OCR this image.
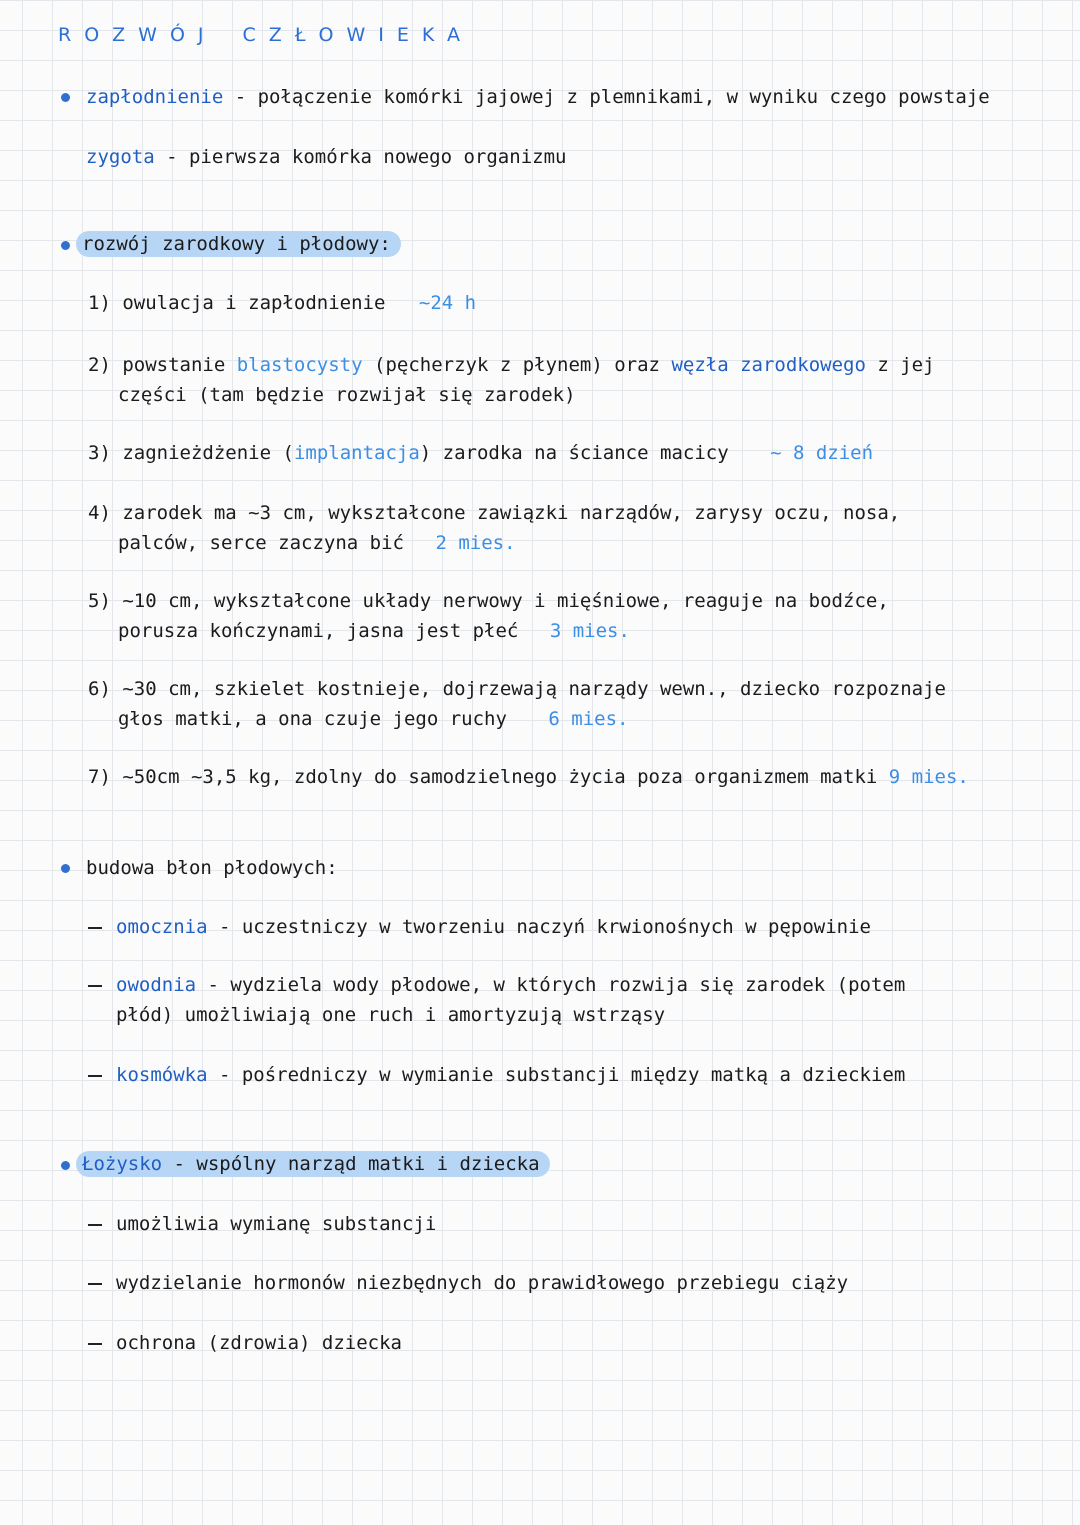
ROZWÓJ CZŁOWIEKA
zapłodnienie - połączenie komórki jajowej z plemnikami, w wyniku czego powstaje
zygota - pierwsza komórka nowego organizmu
rozwój zarodkowy i płodowy:
1) owulacja i zapłodnienie ~24 h
2) powstanie blastocysty (pęcherzyk z płynem) oraz węzła zarodkowego z jej
części (tam będzie rozwijał się zarodek)
3) zagnieżdżenie (implantacja) zarodka na ściance macicy ~ 8 dzień
4) zarodek ma ~3 cm, wykształcone zawiązki narządów, zarysy oczu, nosa,
palców, serce zaczyna bić 2 mies.
5) ~10 cm, wykształcone układy nerwowy i mięśniowe, reaguje na bodźce,
porusza kończynami, jasna jest płeć 3 mies.
6) ~30 cm, szkielet kostnieje, dojrzewają narządy wewn., dziecko rozpoznaje
głos matki, a ona czuje jego ruchy 6 mies.
7) ~50cm ~3,5 kg, zdolny do samodzielnego życia poza organizmem matki 9 mies.
budowa błon płodowych:
omocznia - uczestniczy w tworzeniu naczyń krwionośnych w pępowinie
owodnia - wydziela wody płodowe, w których rozwija się zarodek (potem
płód) umożliwiają one ruch i amortyzują wstrząsy
kosmówka - pośredniczy w wymianie substancji między matką a dzieckiem
Łożysko - wspólny narząd matki i dziecka
umożliwia wymianę substancji
wydzielanie hormonów niezbędnych do prawidłowego przebiegu ciąży
ochrona (zdrowia) dziecka
